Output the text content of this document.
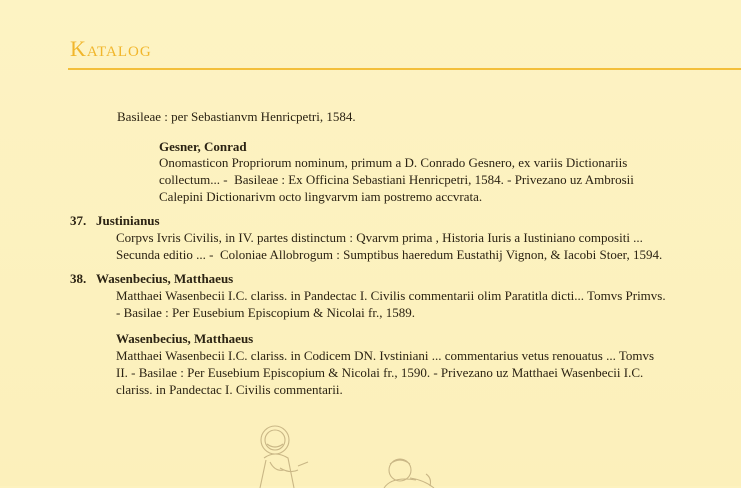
Katalog
Basileae : per Sebastianvm Henricpetri, 1584.
Gesner, Conrad
Onomasticon Propriorum nominum, primum a D. Conrado Gesnero, ex variis Dictionariis
collectum... -  Basileae : Ex Officina Sebastiani Henricpetri, 1584. - Privezano uz Ambrosii
Calepini Dictionarivm octo lingvarvm iam postremo accvrata.
37. Justinianus
Corpvs Ivris Civilis, in IV. partes distinctum : Qvarvm prima , Historia Iuris a Iustiniano compositi ...
Secunda editio ... -  Coloniae Allobrogum : Sumptibus haeredum Eustathij Vignon, & Iacobi Stoer, 1594.
38. Wasenbecius, Matthaeus
Matthaei Wasenbecii I.C. clariss. in Pandectac I. Civilis commentarii olim Paratitla dicti... Tomvs Primvs.
- Basilae : Per Eusebium Episcopium & Nicolai fr., 1589.
Wasenbecius, Matthaeus
Matthaei Wasenbecii I.C. clariss. in Codicem DN. Ivstiniani ... commentarius vetus renouatus ... Tomvs
II. - Basilae : Per Eusebium Episcopium & Nicolai fr., 1590. - Privezano uz Matthaei Wasenbecii I.C.
clariss. in Pandectac I. Civilis commentarii.
